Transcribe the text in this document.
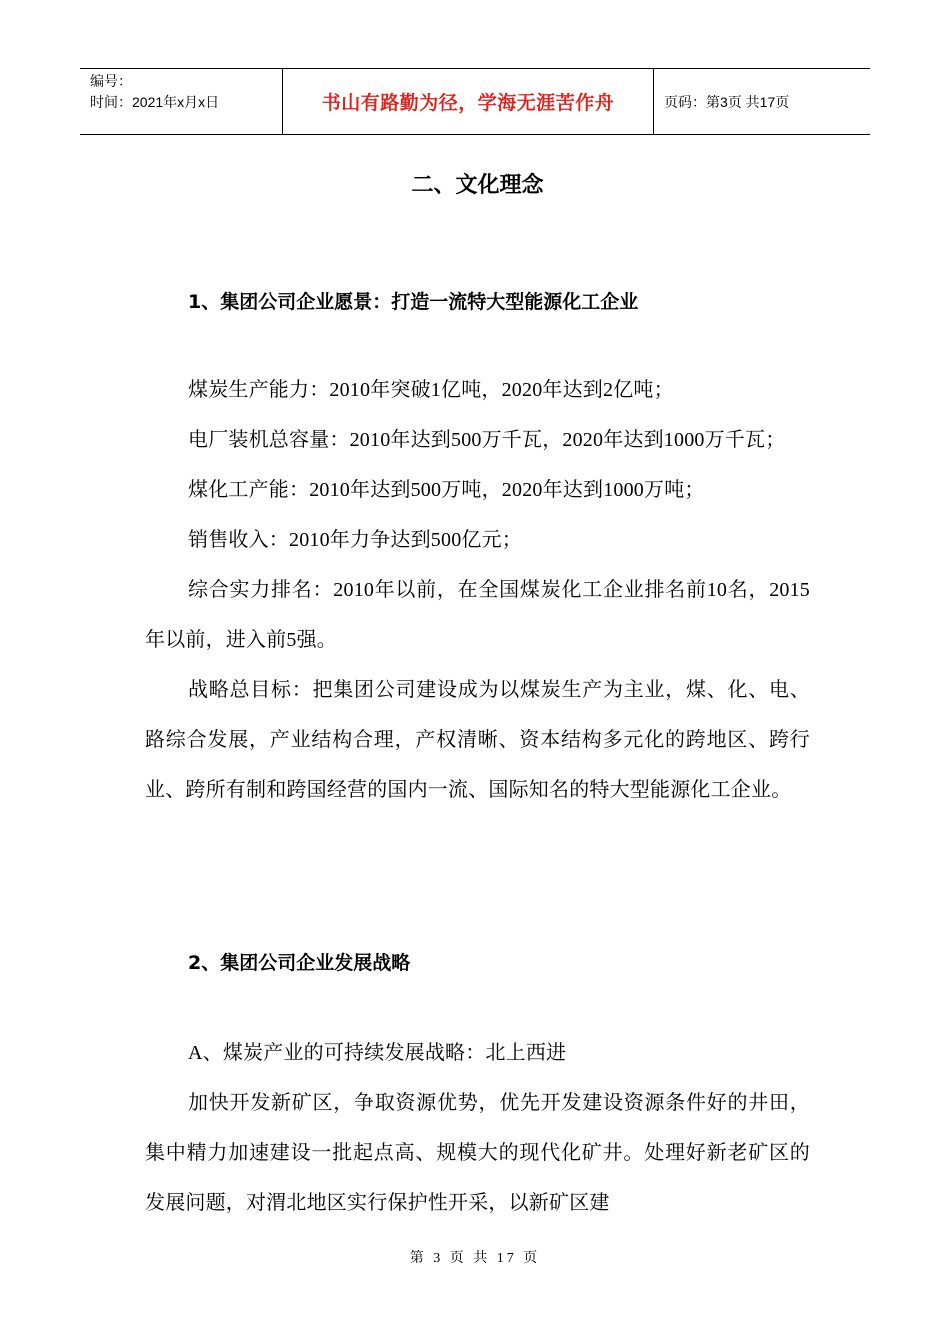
编号：
时间：2021年x月x日	书山有路勤为径，学海无涯苦作舟	页码：第3页 共17页
二、文化理念
1、集团公司企业愿景：打造一流特大型能源化工企业

煤炭生产能力：2010年突破1亿吨，2020年达到2亿吨；

电厂装机总容量：2010年达到500万千瓦，2020年达到1000万千瓦；

煤化工产能：2010年达到500万吨，2020年达到1000万吨；

销售收入：2010年力争达到500亿元；

综合实力排名：2010年以前，在全国煤炭化工企业排名前10名，2015年以前，进入前5强。

战略总目标：把集团公司建设成为以煤炭生产为主业，煤、化、电、路综合发展，产业结构合理，产权清晰、资本结构多元化的跨地区、跨行业、跨所有制和跨国经营的国内一流、国际知名的特大型能源化工企业。

2、集团公司企业发展战略

A、煤炭产业的可持续发展战略：北上西进

加快开发新矿区，争取资源优势，优先开发建设资源条件好的井田，集中精力加速建设一批起点高、规模大的现代化矿井。处理好新老矿区的发展问题，对渭北地区实行保护性开采，以新矿区建

第 3 页 共 17 页
